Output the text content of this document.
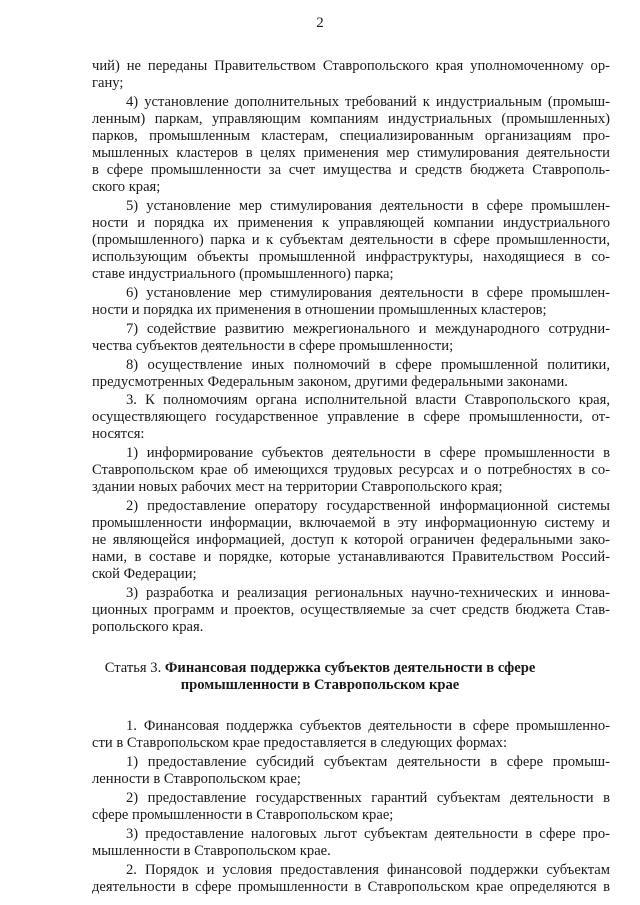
2
чий) не переданы Правительством Ставропольского края уполномоченному ор-
гану;
4) установление дополнительных требований к индустриальным (промыш-
ленным) паркам, управляющим компаниям индустриальных (промышленных)
парков, промышленным кластерам, специализированным организациям про-
мышленных кластеров в целях применения мер стимулирования деятельности
в сфере промышленности за счет имущества и средств бюджета Ставрополь-
ского края;
5) установление мер стимулирования деятельности в сфере промышлен-
ности и порядка их применения к управляющей компании индустриального
(промышленного) парка и к субъектам деятельности в сфере промышленности,
использующим объекты промышленной инфраструктуры, находящиеся в со-
ставе индустриального (промышленного) парка;
6) установление мер стимулирования деятельности в сфере промышлен-
ности и порядка их применения в отношении промышленных кластеров;
7) содействие развитию межрегионального и международного сотрудни-
чества субъектов деятельности в сфере промышленности;
8) осуществление иных полномочий в сфере промышленной политики,
предусмотренных Федеральным законом, другими федеральными законами.
3. К полномочиям органа исполнительной власти Ставропольского края,
осуществляющего государственное управление в сфере промышленности, от-
носятся:
1) информирование субъектов деятельности в сфере промышленности в
Ставропольском крае об имеющихся трудовых ресурсах и о потребностях в со-
здании новых рабочих мест на территории Ставропольского края;
2) предоставление оператору государственной информационной системы
промышленности информации, включаемой в эту информационную систему и
не являющейся информацией, доступ к которой ограничен федеральными зако-
нами, в составе и порядке, которые устанавливаются Правительством Россий-
ской Федерации;
3) разработка и реализация региональных научно-технических и иннова-
ционных программ и проектов, осуществляемые за счет средств бюджета Став-
ропольского края.
Статья 3. Финансовая поддержка субъектов деятельности в сфере
промышленности в Ставропольском крае
1. Финансовая поддержка субъектов деятельности в сфере промышленно-
сти в Ставропольском крае предоставляется в следующих формах:
1) предоставление субсидий субъектам деятельности в сфере промыш-
ленности в Ставропольском крае;
2) предоставление государственных гарантий субъектам деятельности в
сфере промышленности в Ставропольском крае;
3) предоставление налоговых льгот субъектам деятельности в сфере про-
мышленности в Ставропольском крае.
2. Порядок и условия предоставления финансовой поддержки субъектам
деятельности в сфере промышленности в Ставропольском крае определяются в
